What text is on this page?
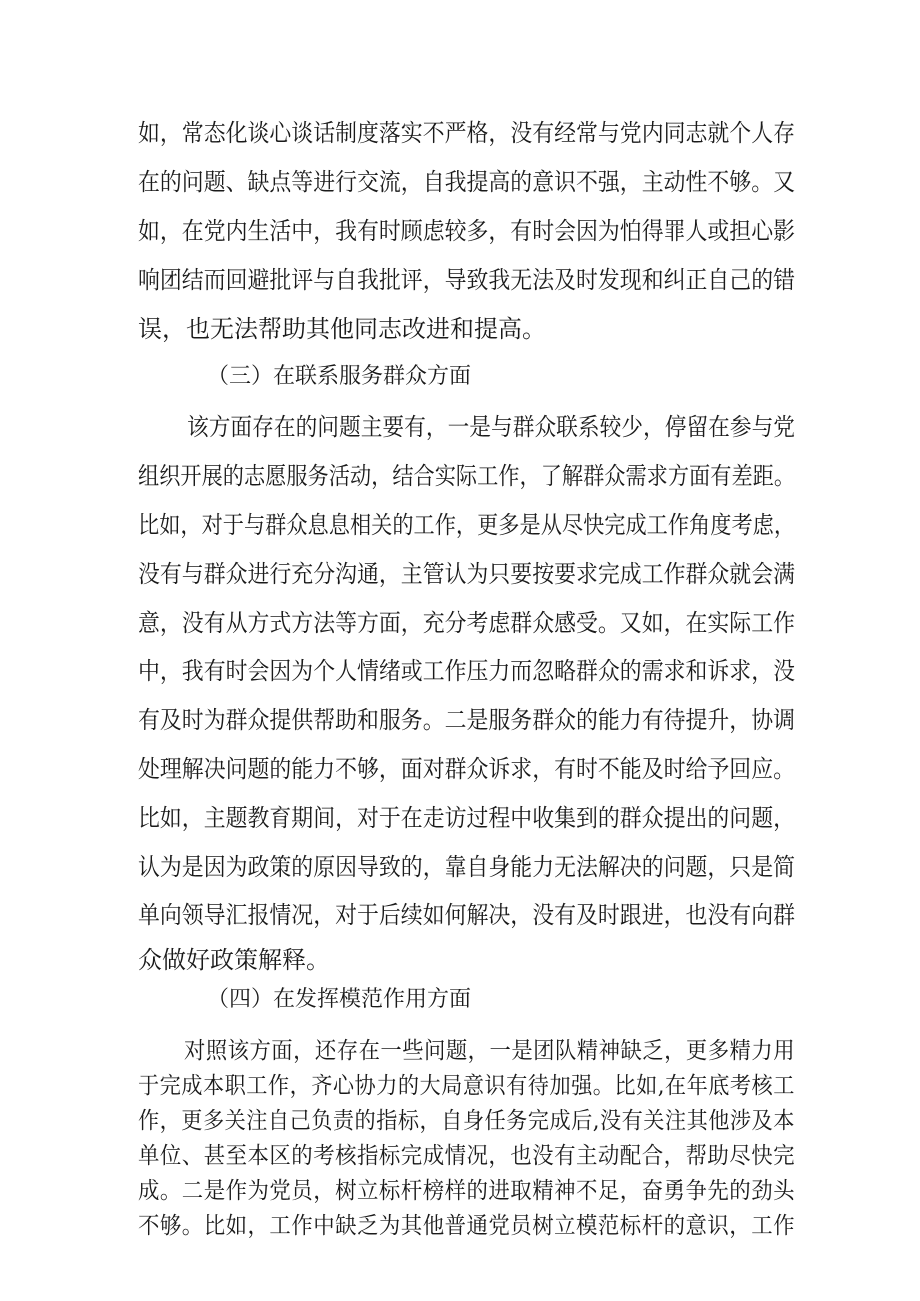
如，常态化谈心谈话制度落实不严格，没有经常与党内同志就个人存
在的问题、缺点等进行交流，自我提高的意识不强，主动性不够。又
如，在党内生活中，我有时顾虑较多，有时会因为怕得罪人或担心影
响团结而回避批评与自我批评，导致我无法及时发现和纠正自己的错
误，也无法帮助其他同志改进和提高。
（三）在联系服务群众方面
该方面存在的问题主要有，一是与群众联系较少，停留在参与党
组织开展的志愿服务活动，结合实际工作，了解群众需求方面有差距。
比如，对于与群众息息相关的工作，更多是从尽快完成工作角度考虑，
没有与群众进行充分沟通，主管认为只要按要求完成工作群众就会满
意，没有从方式方法等方面，充分考虑群众感受。又如，在实际工作
中，我有时会因为个人情绪或工作压力而忽略群众的需求和诉求，没
有及时为群众提供帮助和服务。二是服务群众的能力有待提升，协调
处理解决问题的能力不够，面对群众诉求，有时不能及时给予回应。
比如，主题教育期间，对于在走访过程中收集到的群众提出的问题，
认为是因为政策的原因导致的，靠自身能力无法解决的问题，只是简
单向领导汇报情况，对于后续如何解决，没有及时跟进，也没有向群
众做好政策解释。
（四）在发挥模范作用方面
对照该方面，还存在一些问题，一是团队精神缺乏，更多精力用
于完成本职工作，齐心协力的大局意识有待加强。比如,在年底考核工
作，更多关注自己负责的指标，自身任务完成后,没有关注其他涉及本
单位、甚至本区的考核指标完成情况，也没有主动配合，帮助尽快完
成。二是作为党员，树立标杆榜样的进取精神不足，奋勇争先的劲头
不够。比如，工作中缺乏为其他普通党员树立模范标杆的意识，工作
